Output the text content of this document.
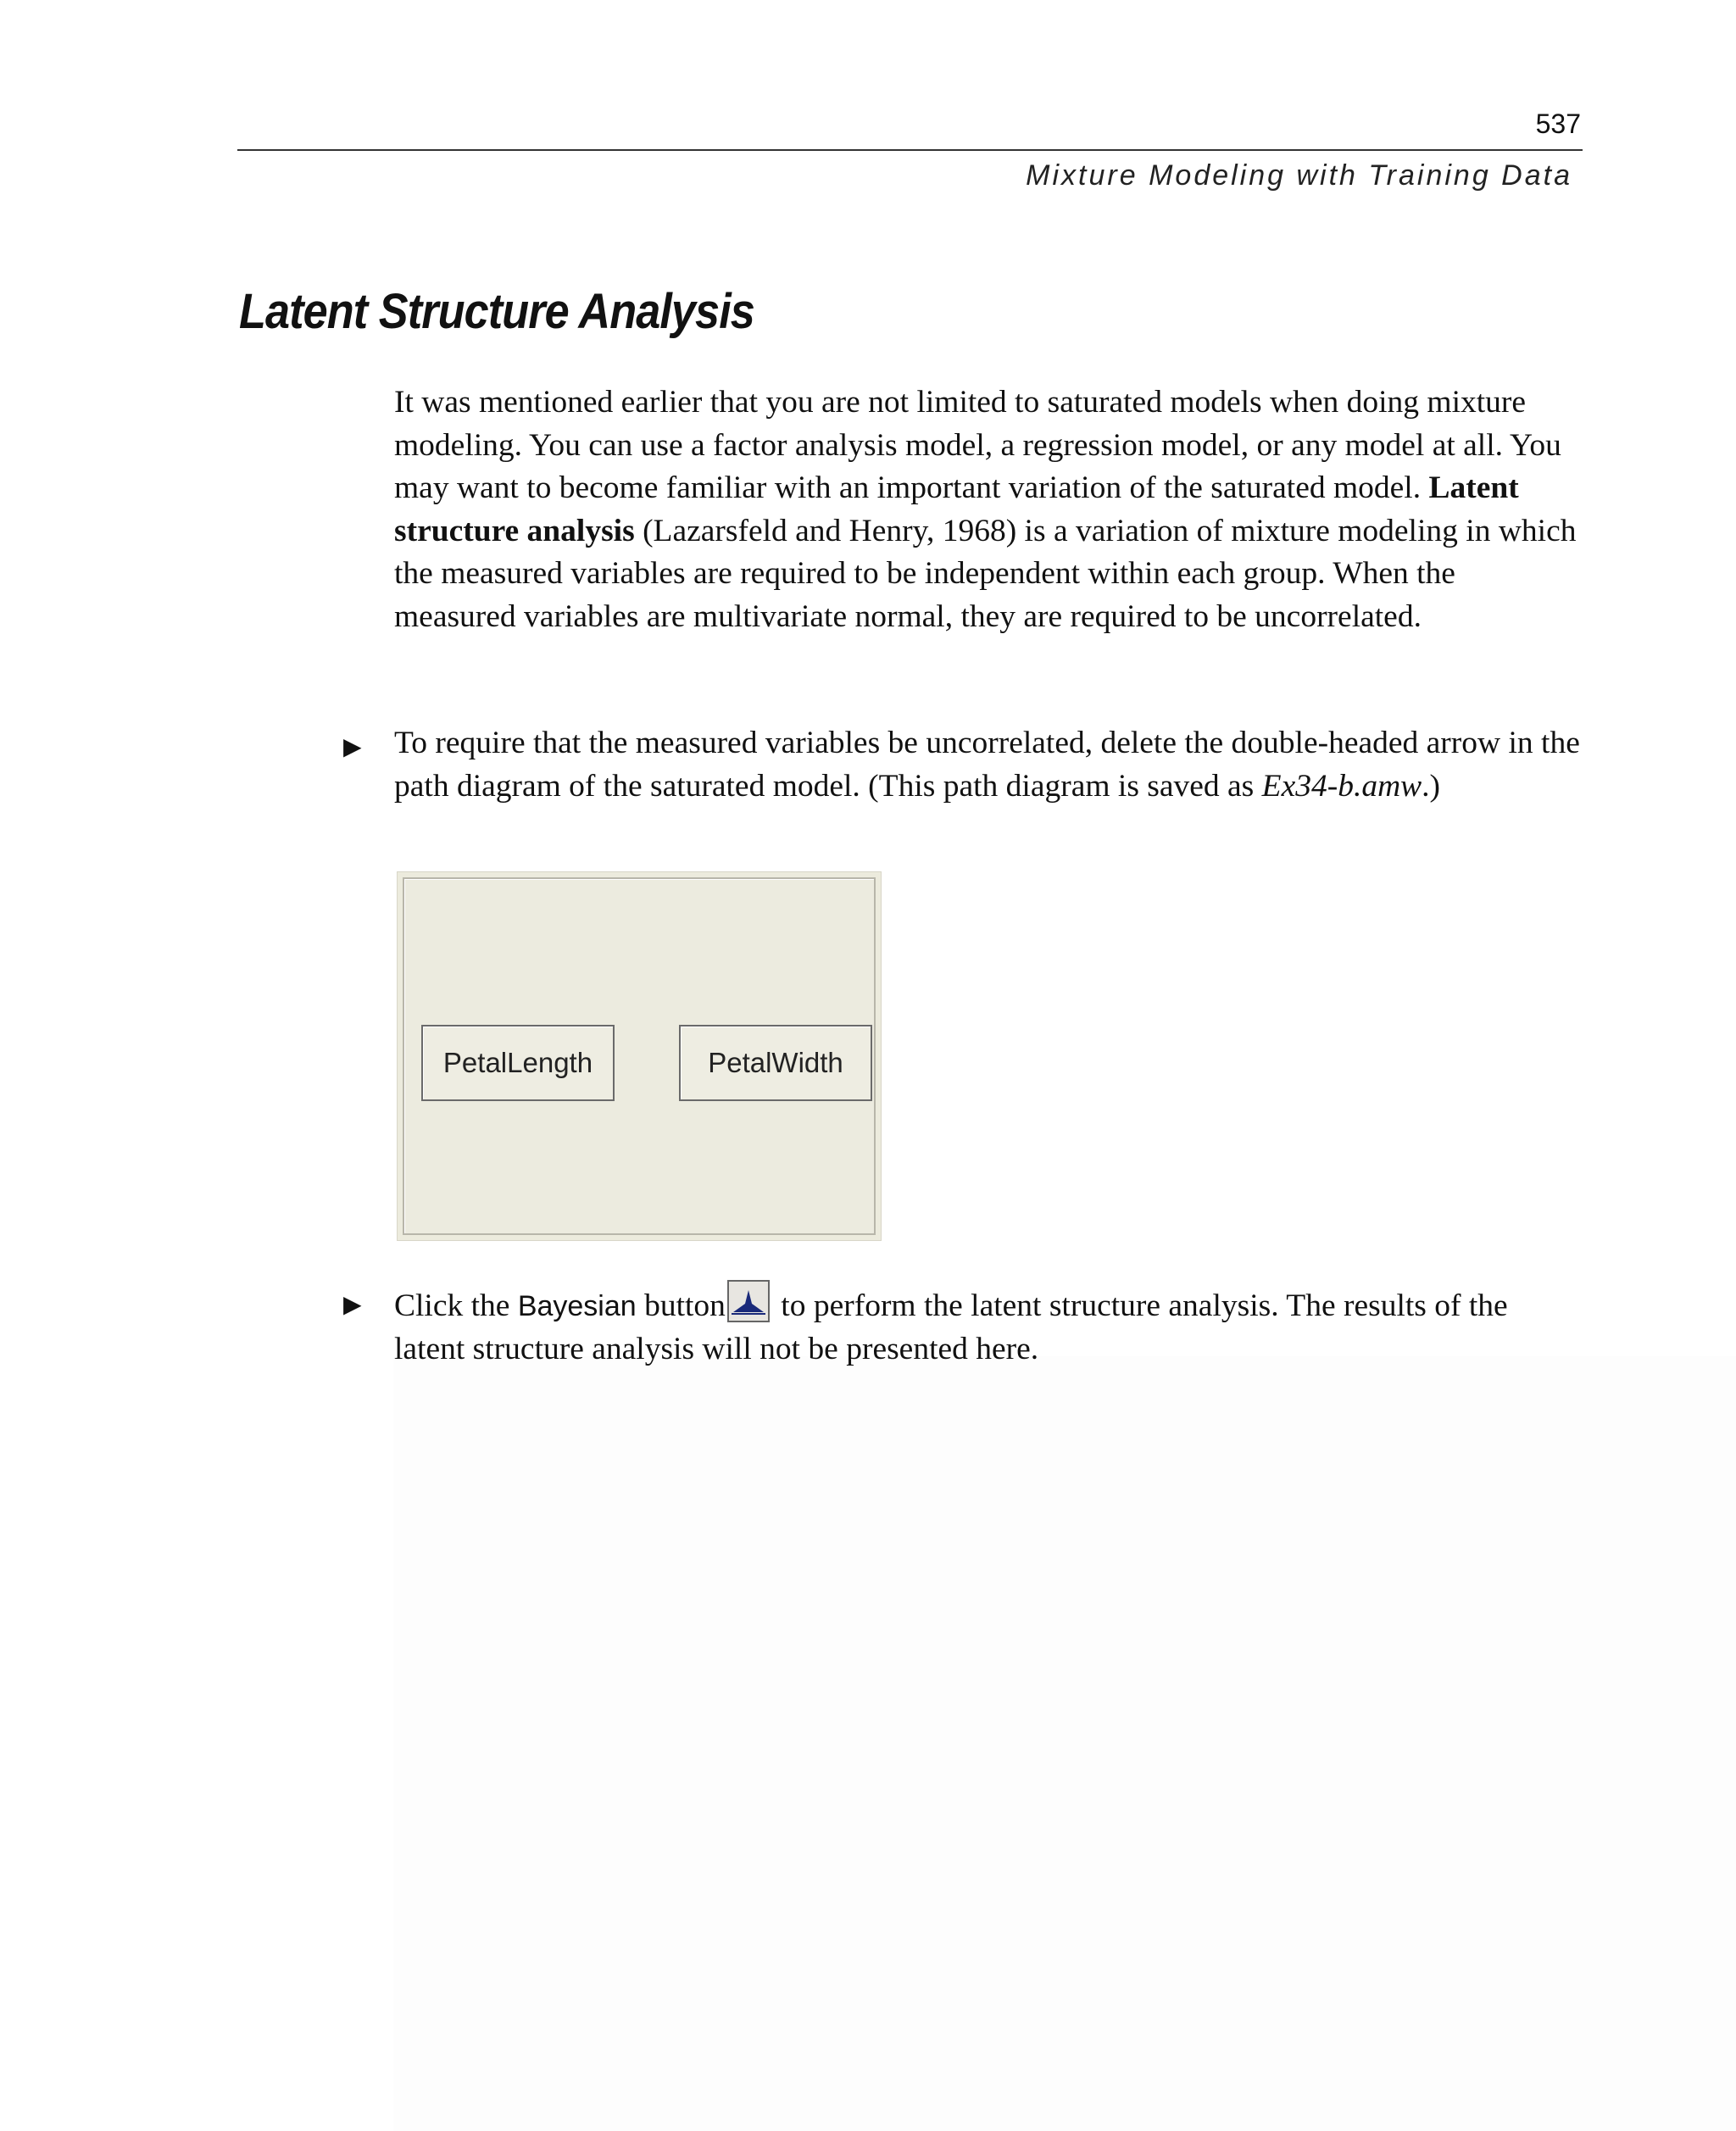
537
Mixture Modeling with Training Data
Latent Structure Analysis

It was mentioned earlier that you are not limited to saturated models when doing mixture modeling. You can use a factor analysis model, a regression model, or any model at all. You may want to become familiar with an important variation of the saturated model. Latent structure analysis (Lazarsfeld and Henry, 1968) is a variation of mixture modeling in which the measured variables are required to be independent within each group. When the measured variables are multivariate normal, they are required to be uncorrelated.

▶ To require that the measured variables be uncorrelated, delete the double-headed arrow in the path diagram of the saturated model. (This path diagram is saved as Ex34-b.amw.)

PetalLength	PetalWidth
▶ Click the Bayesian button
to perform the latent structure analysis. The results of the latent structure analysis will not be presented here.
